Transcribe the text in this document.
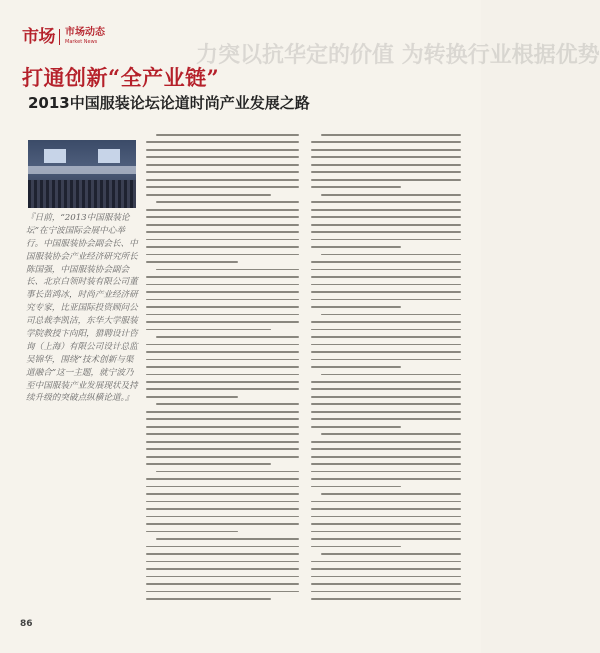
市场 市场动态
Market News	力突以抗华定的价值 为转换行业根据优势
打通创新“全产业链”
2013中国服装论坛论道时尚产业发展之路
『日前，“2013中国服装论坛”在宁波国际会展中心举行。中国服装协会副会长、中国服装协会产业经济研究所长陈国强，中国服装协会副会长、北京白领时装有限公司董事长苗鸿冰，时尚产业经济研究专家，比亚国际投资顾问公司总裁李凯洁，东华大学服装学院教授卞向阳，猎聘设计咨询（上海）有限公司设计总监吴锦华，围绕“技术创新与渠道融合”这一主题，就宁波乃至中国服装产业发展现状及持续升级的突破点纵横论道。』
86
